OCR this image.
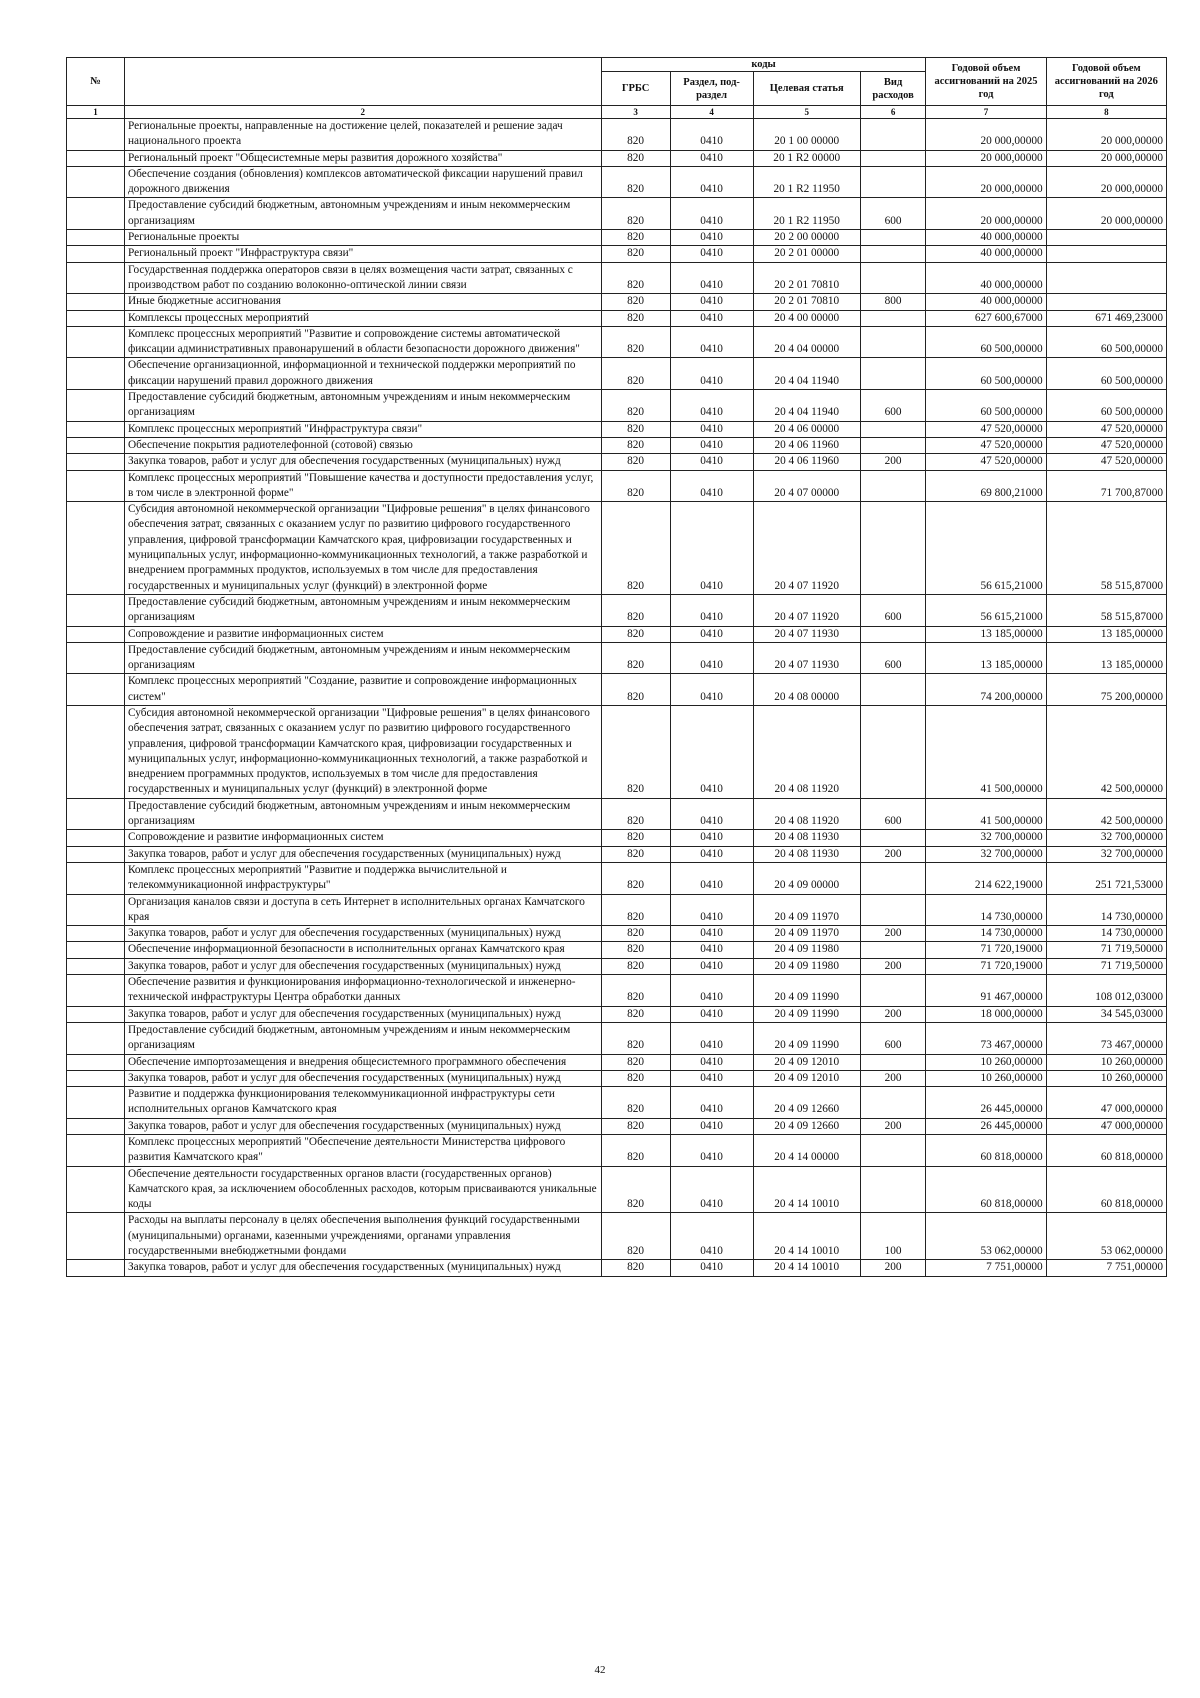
№		коды				Годовой объем ассигнований на 2025 год	Годовой объем ассигнований на 2026 год
		ГРБС	Раздел, под-раздел	Целевая статья	Вид расходов		
1	2	3	4	5	6	7	8
	Региональные проекты, направленные на достижение целей, показателей и решение задач национального проекта	820	0410	20 1 00 00000		20 000,00000	20 000,00000
	Региональный проект "Общесистемные меры развития дорожного хозяйства"	820	0410	20 1 R2 00000		20 000,00000	20 000,00000
	Обеспечение создания (обновления) комплексов автоматической фиксации нарушений правил дорожного движения	820	0410	20 1 R2 11950		20 000,00000	20 000,00000
	Предоставление субсидий бюджетным, автономным учреждениям и иным некоммерческим организациям	820	0410	20 1 R2 11950	600	20 000,00000	20 000,00000
	Региональные проекты	820	0410	20 2 00 00000		40 000,00000	
	Региональный проект "Инфраструктура связи"	820	0410	20 2 01 00000		40 000,00000	
	Государственная поддержка операторов связи в целях возмещения части затрат, связанных с производством работ по созданию волоконно-оптической линии связи	820	0410	20 2 01 70810		40 000,00000	
	Иные бюджетные ассигнования	820	0410	20 2 01 70810	800	40 000,00000	
	Комплексы процессных мероприятий	820	0410	20 4 00 00000		627 600,67000	671 469,23000
	Комплекс процессных мероприятий "Развитие и сопровождение системы автоматической фиксации административных правонарушений в области безопасности дорожного движения"	820	0410	20 4 04 00000		60 500,00000	60 500,00000
	Обеспечение организационной, информационной и технической поддержки мероприятий по фиксации нарушений правил дорожного движения	820	0410	20 4 04 11940		60 500,00000	60 500,00000
	Предоставление субсидий бюджетным, автономным учреждениям и иным некоммерческим организациям	820	0410	20 4 04 11940	600	60 500,00000	60 500,00000
	Комплекс процессных мероприятий "Инфраструктура связи"	820	0410	20 4 06 00000		47 520,00000	47 520,00000
	Обеспечение покрытия радиотелефонной (сотовой) связью	820	0410	20 4 06 11960		47 520,00000	47 520,00000
	Закупка товаров, работ и услуг для обеспечения государственных (муниципальных) нужд	820	0410	20 4 06 11960	200	47 520,00000	47 520,00000
	Комплекс процессных мероприятий "Повышение качества и доступности предоставления услуг, в том числе в электронной форме"	820	0410	20 4 07 00000		69 800,21000	71 700,87000
	Субсидия автономной некоммерческой организации "Цифровые решения" в целях финансового обеспечения затрат, связанных с оказанием услуг по развитию цифрового государственного управления, цифровой трансформации Камчатского края, цифровизации государственных и муниципальных услуг, информационно-коммуникационных технологий, а также разработкой и внедрением программных продуктов, используемых в том числе для предоставления государственных и муниципальных услуг (функций) в электронной форме	820	0410	20 4 07 11920		56 615,21000	58 515,87000
	Предоставление субсидий бюджетным, автономным учреждениям и иным некоммерческим организациям	820	0410	20 4 07 11920	600	56 615,21000	58 515,87000
	Сопровождение и развитие информационных систем	820	0410	20 4 07 11930		13 185,00000	13 185,00000
	Предоставление субсидий бюджетным, автономным учреждениям и иным некоммерческим организациям	820	0410	20 4 07 11930	600	13 185,00000	13 185,00000
	Комплекс процессных мероприятий "Создание, развитие и сопровождение информационных систем"	820	0410	20 4 08 00000		74 200,00000	75 200,00000
	Субсидия автономной некоммерческой организации "Цифровые решения" в целях финансового обеспечения затрат, связанных с оказанием услуг по развитию цифрового государственного управления, цифровой трансформации Камчатского края, цифровизации государственных и муниципальных услуг, информационно-коммуникационных технологий, а также разработкой и внедрением программных продуктов, используемых в том числе для предоставления государственных и муниципальных услуг (функций) в электронной форме	820	0410	20 4 08 11920		41 500,00000	42 500,00000
	Предоставление субсидий бюджетным, автономным учреждениям и иным некоммерческим организациям	820	0410	20 4 08 11920	600	41 500,00000	42 500,00000
	Сопровождение и развитие информационных систем	820	0410	20 4 08 11930		32 700,00000	32 700,00000
	Закупка товаров, работ и услуг для обеспечения государственных (муниципальных) нужд	820	0410	20 4 08 11930	200	32 700,00000	32 700,00000
	Комплекс процессных мероприятий "Развитие и поддержка вычислительной и телекоммуникационной инфраструктуры"	820	0410	20 4 09 00000		214 622,19000	251 721,53000
	Организация каналов связи и доступа в сеть Интернет в исполнительных органах Камчатского края	820	0410	20 4 09 11970		14 730,00000	14 730,00000
	Закупка товаров, работ и услуг для обеспечения государственных (муниципальных) нужд	820	0410	20 4 09 11970	200	14 730,00000	14 730,00000
	Обеспечение информационной безопасности в исполнительных органах Камчатского края	820	0410	20 4 09 11980		71 720,19000	71 719,50000
	Закупка товаров, работ и услуг для обеспечения государственных (муниципальных) нужд	820	0410	20 4 09 11980	200	71 720,19000	71 719,50000
	Обеспечение развития и функционирования информационно-технологической и инженерно-технической инфраструктуры Центра обработки данных	820	0410	20 4 09 11990		91 467,00000	108 012,03000
	Закупка товаров, работ и услуг для обеспечения государственных (муниципальных) нужд	820	0410	20 4 09 11990	200	18 000,00000	34 545,03000
	Предоставление субсидий бюджетным, автономным учреждениям и иным некоммерческим организациям	820	0410	20 4 09 11990	600	73 467,00000	73 467,00000
	Обеспечение импортозамещения и внедрения общесистемного программного обеспечения	820	0410	20 4 09 12010		10 260,00000	10 260,00000
	Закупка товаров, работ и услуг для обеспечения государственных (муниципальных) нужд	820	0410	20 4 09 12010	200	10 260,00000	10 260,00000
	Развитие и поддержка функционирования телекоммуникационной инфраструктуры сети исполнительных органов Камчатского края	820	0410	20 4 09 12660		26 445,00000	47 000,00000
	Закупка товаров, работ и услуг для обеспечения государственных (муниципальных) нужд	820	0410	20 4 09 12660	200	26 445,00000	47 000,00000
	Комплекс процессных мероприятий "Обеспечение деятельности Министерства цифрового развития Камчатского края"	820	0410	20 4 14 00000		60 818,00000	60 818,00000
	Обеспечение деятельности государственных органов власти (государственных органов) Камчатского края, за исключением обособленных расходов, которым присваиваются уникальные коды	820	0410	20 4 14 10010		60 818,00000	60 818,00000
	Расходы на выплаты персоналу в целях обеспечения выполнения функций государственными (муниципальными) органами, казенными учреждениями, органами управления государственными внебюджетными фондами	820	0410	20 4 14 10010	100	53 062,00000	53 062,00000
	Закупка товаров, работ и услуг для обеспечения государственных (муниципальных) нужд	820	0410	20 4 14 10010	200	7 751,00000	7 751,00000
42
